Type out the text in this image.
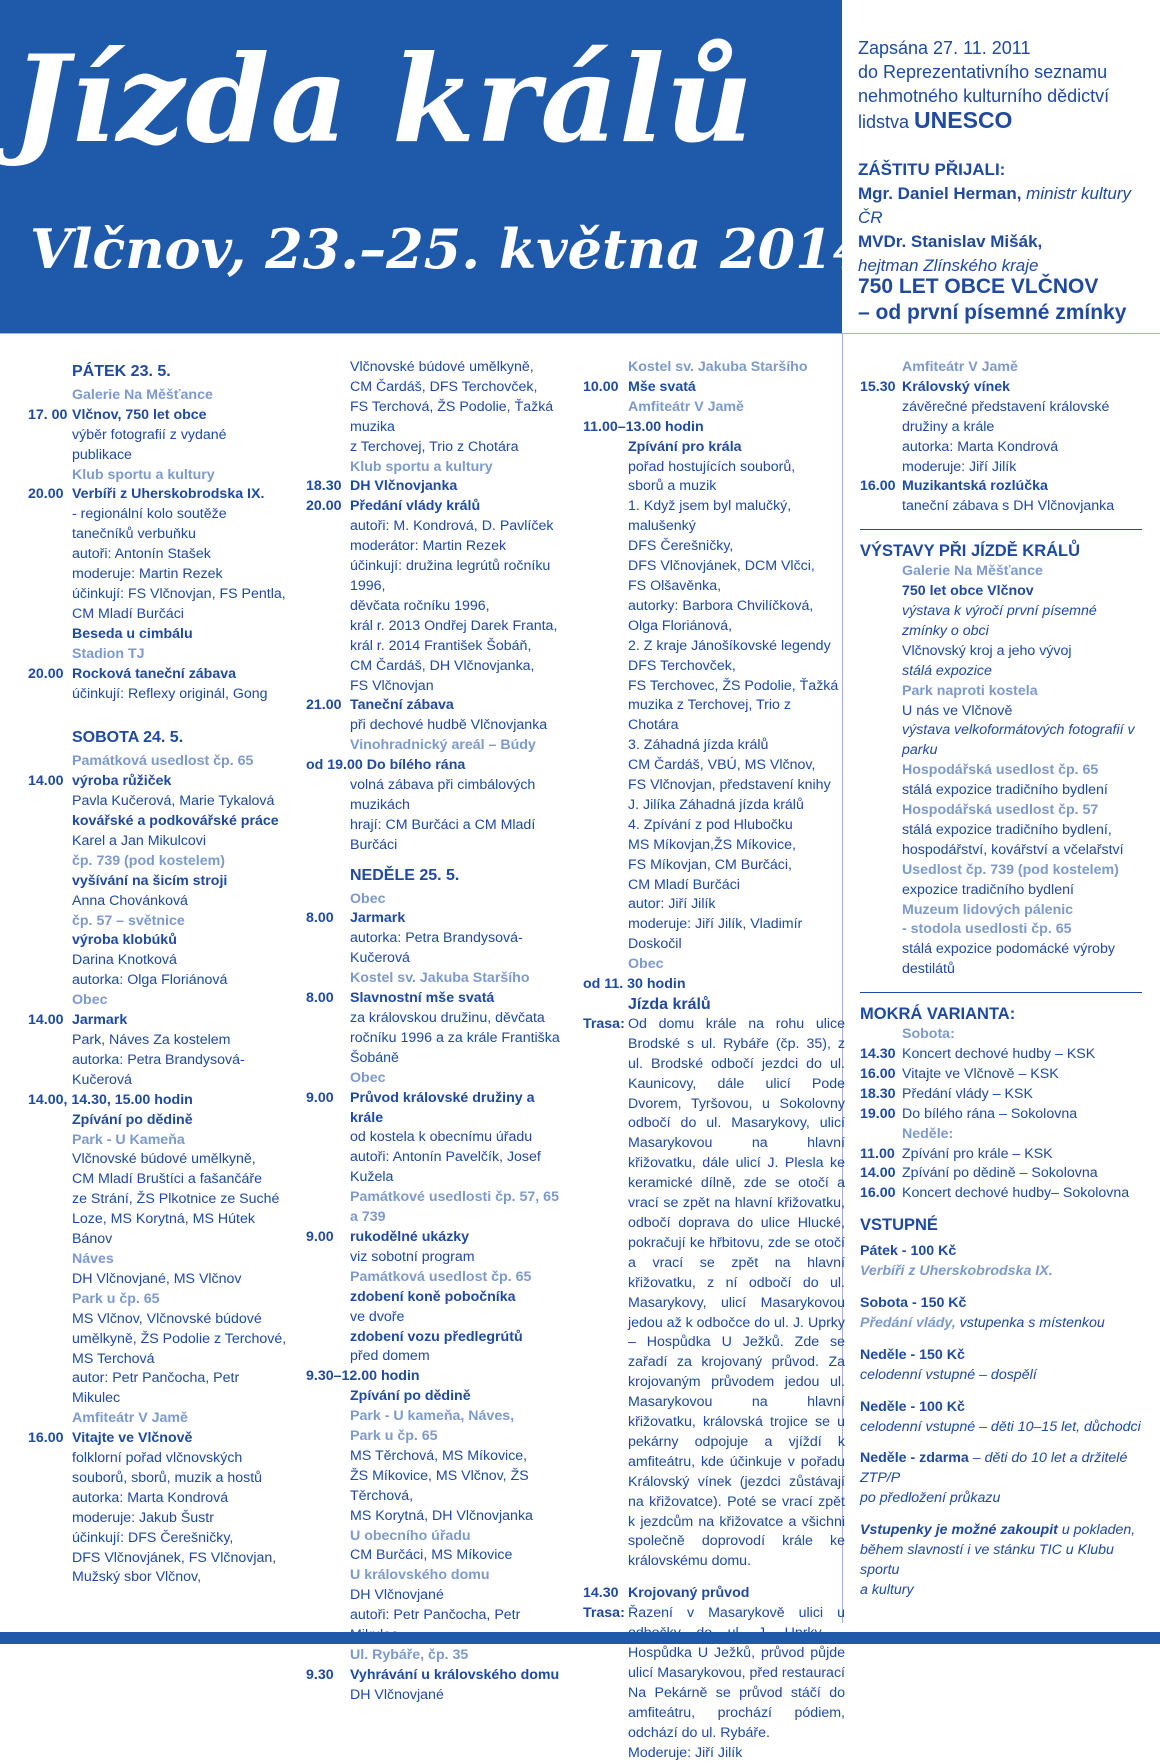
Jízda králů
Vlčnov, 23.–25. května 2014
Zapsána 27. 11. 2011
do Reprezentativního seznamu
nehmotného kulturního dědictví
lidstva UNESCO
ZÁŠTITU PŘIJALI:
Mgr. Daniel Herman, ministr kultury ČR
MVDr. Stanislav Mišák,
hejtman Zlínského kraje
750 LET OBCE VLČNOV
– od první písemné zmínky
PÁTEK 23. 5.
Galerie Na Měšťance
17. 00 Vlčnov, 750 let obce
výběr fotografií z vydané publikace
Klub sportu a kultury
20.00 Verbíři z Uherskobrodska IX.
- regionální kolo soutěže
tanečníků verbuňku
autoři: Antonín Stašek
moderuje: Martin Rezek
účinkují: FS Vlčnovjan, FS Pentla,
CM Mladí Burčáci
Beseda u cimbálu
Stadion TJ
20.00 Rocková taneční zábava
účinkují: Reflexy originál, Gong
SOBOTA 24. 5.
Památková usedlost čp. 65
14.00 výroba růžiček
Pavla Kučerová, Marie Tykalová
kovářské a podkovářské práce
Karel a Jan Mikulcovi
čp. 739 (pod kostelem)
vyšívání na šicím stroji
Anna Chovánková
čp. 57 – světnice
výroba klobúků
Darina Knotková
autorka: Olga Floriánová
Obec
14.00 Jarmark
Park, Náves Za kostelem
autorka: Petra Brandysová-Kučerová
14.00, 14.30, 15.00 hodin
Zpívání po dědině
Park - U Kameňa
Vlčnovské búdové umělkyně,
CM Mladí Bruštíci a fašančáře
ze Strání, ŽS Plkotnice ze Suché
Loze, MS Korytná, MS Hútek Bánov
Náves
DH Vlčnovjané, MS Vlčnov
Park u čp. 65
MS Vlčnov, Vlčnovské búdové
umělkyně, ŽS Podolie z Terchové,
MS Terchová
autor: Petr Pančocha, Petr Mikulec
Amfiteátr V Jamě
16.00 Vitajte ve Vlčnově
folklorní pořad vlčnovských
souborů, sborů, muzik a hostů
autorka: Marta Kondrová
moderuje: Jakub Šustr
účinkují: DFS Čerešničky,
DFS Vlčnovjánek, FS Vlčnovjan,
Mužský sbor Vlčnov,
Vlčnovské búdové umělkyně,
CM Čardáš, DFS Terchovček,
FS Terchová, ŽS Podolie, Ťažká muzika
z Terchovej, Trio z Chotára
Klub sportu a kultury
18.30 DH Vlčnovjanka
20.00 Předání vlády králů
autoři: M. Kondrová, D. Pavlíček
moderátor: Martin Rezek
účinkují: družina legrútů ročníku 1996,
děvčata ročníku 1996,
král r. 2013 Ondřej Darek Franta,
král r. 2014 František Šobáň,
CM Čardáš, DH Vlčnovjanka,
FS Vlčnovjan
21.00 Taneční zábava
při dechové hudbě Vlčnovjanka
Vinohradnický areál – Búdy
od 19.00 Do bílého rána
volná zábava při cimbálových
muzikách
hrají: CM Burčáci a CM Mladí Burčáci
NEDĚLE 25. 5.
Obec
8.00	Jarmark
autorka: Petra Brandysová- Kučerová
Kostel sv. Jakuba Staršího
8.00	Slavnostní mše svatá
za královskou družinu, děvčata
ročníku 1996 a za krále Františka
Šobáně
Obec
9.00	Průvod královské družiny a krále
od kostela k obecnímu úřadu
autoři: Antonín Pavelčík, Josef Kužela
Památkové usedlosti čp. 57, 65 a 739
9.00	rukodělné ukázky
viz sobotní program
Památková usedlost čp. 65
zdobení koně pobočníka
ve dvoře
zdobení vozu předlegrútů
před domem
9.30–12.00 hodin
Zpívání po dědině
Park - U kameňa, Náves,
Park u čp. 65
MS Těrchová, MS Míkovice,
ŽS Míkovice, MS Vlčnov, ŽS Těrchová,
MS Korytná, DH Vlčnovjanka
U obecního úřadu
CM Burčáci, MS Míkovice
U královského domu
DH Vlčnovjané
autoři: Petr Pančocha, Petr
Ul. Rybáře, čp. 35
9.30	Vyhrávání u královského domu
DH Vlčnovjané
Kostel sv. Jakuba Staršího
10.00 Mše svatá
Amfiteátr V Jamě
11.00–13.00 hodin
Zpívání pro krála
pořad hostujících souborů,
sborů a muzik
1. Když jsem byl malučký, malušenký
DFS Čerešničky,
DFS Vlčnovjánek, DCM Vlčci,
FS Olšavěnka,
autorky: Barbora Chvilíčková,
Olga Floriánová,
2. Z kraje Jánošíkovské legendy
DFS Terchovček,
FS Terchovec, ŽS Podolie, Ťažká
muzika z Terchovej, Trio z Chotára
3. Záhadná jízda králů
CM Čardáš, VBÚ, MS Vlčnov,
FS Vlčnovjan, představení knihy
J. Jilíka Záhadná jízda králů
4. Zpívání z pod Hlubočku
MS Míkovjan,ŽS Míkovice,
FS Míkovjan, CM Burčáci,
CM Mladí Burčáci
autor: Jiří Jilík
moderuje: Jiří Jilík, Vladimír Doskočil
Obec
od 11. 30 hodin
Jízda králů
Trasa: Od domu krále na rohu ulice Brodské s ul. Rybáře (čp. 35), z ul. Brodské odbočí jezdci do ul. Kaunicovy, dále ulicí Pode Dvorem, Tyršovou, u Sokolovny odbočí do ul. Masarykovy, ulicí Masarykovou na hlavní křižovatku, dále ulicí J. Plesla ke keramické dílně, zde se otočí a vrací se zpět na hlavní křižovatku, odbočí doprava do ulice Hlucké, pokračují ke hřbitovu, zde se otočí a vrací se zpět na hlavní křižovatku, z ní odbočí do ul. Masarykovy, ulicí Masarykovou jedou až k odbočce do ul. J. Uprky – Hospůdka U Ježků. Zde se zařadí za krojovaný průvod. Za krojovaným průvodem jedou ul. Masarykovou na hlavní křižovatku, královská trojice se u pekárny odpojuje a vjíždí k amfiteátru, kde účinkuje v pořadu Královský vínek (jezdci zůstávají na křižovatce). Poté se vrací zpět k jezdcům na křižovatce a všichni společně doprovodí krále ke královskému domu.
14.30 Krojovaný průvod
Trasa: Řazení v Masarykově ulici u Hospůdka U Ježků, průvod půjde ulicí Masarykovou, před restaurací Na Pekárně se průvod stáčí do amfiteátru, prochází pódiem, odchází do ul. Rybáře.
Moderuje: Jiří Jilík
Amfiteátr V Jamě
15.30 Královský vínek
závěrečné představení královské
družiny a krále
autorka: Marta Kondrová
moderuje: Jiří Jilík
16.00 Muzikantská rozlúčka
taneční zábava s DH Vlčnovjanka
VÝSTAVY PŘI JÍZDĚ KRÁLŮ
Galerie Na Měšťance
750 let obce Vlčnov
výstava k výročí první písemné
zmínky o obci
Vlčnovský kroj a jeho vývoj
stálá expozice
Park naproti kostela
U nás ve Vlčnově
výstava velkoformátových fotografií v parku
Hospodářská usedlost čp. 65
stálá expozice tradičního bydlení
Hospodářská usedlost čp. 57
stálá expozice tradičního bydlení,
hospodářství, kovářství a včelařství
Usedlost čp. 739 (pod kostelem)
expozice tradičního bydlení
Muzeum lidových pálenic
- stodola usedlosti čp. 65
stálá expozice podomácké výroby destilátů
MOKRÁ VARIANTA:
Sobota:
14.30 Koncert dechové hudby – KSK
16.00 Vitajte ve Vlčnově – KSK
18.30 Předání vlády – KSK
19.00 Do bílého rána – Sokolovna
Neděle:
11.00 Zpívání pro krále – KSK
14.00 Zpívání po dědině – Sokolovna
16.00 Koncert dechové hudby– Sokolovna
VSTUPNÉ
Pátek - 100 Kč
Verbíři z Uherskobrodska IX.
Sobota - 150 Kč
Předání vlády, vstupenka s místenkou
Neděle - 150 Kč
celodenní vstupné – dospělí
Neděle - 100 Kč
celodenní vstupné – děti 10–15 let, důchodci
Neděle - zdarma – děti do 10 let a držitelé ZTP/P
po předložení průkazu
Vstupenky je možné zakoupit u pokladen,
během slavností i ve stánku TIC u Klubu sportu
a kultury
